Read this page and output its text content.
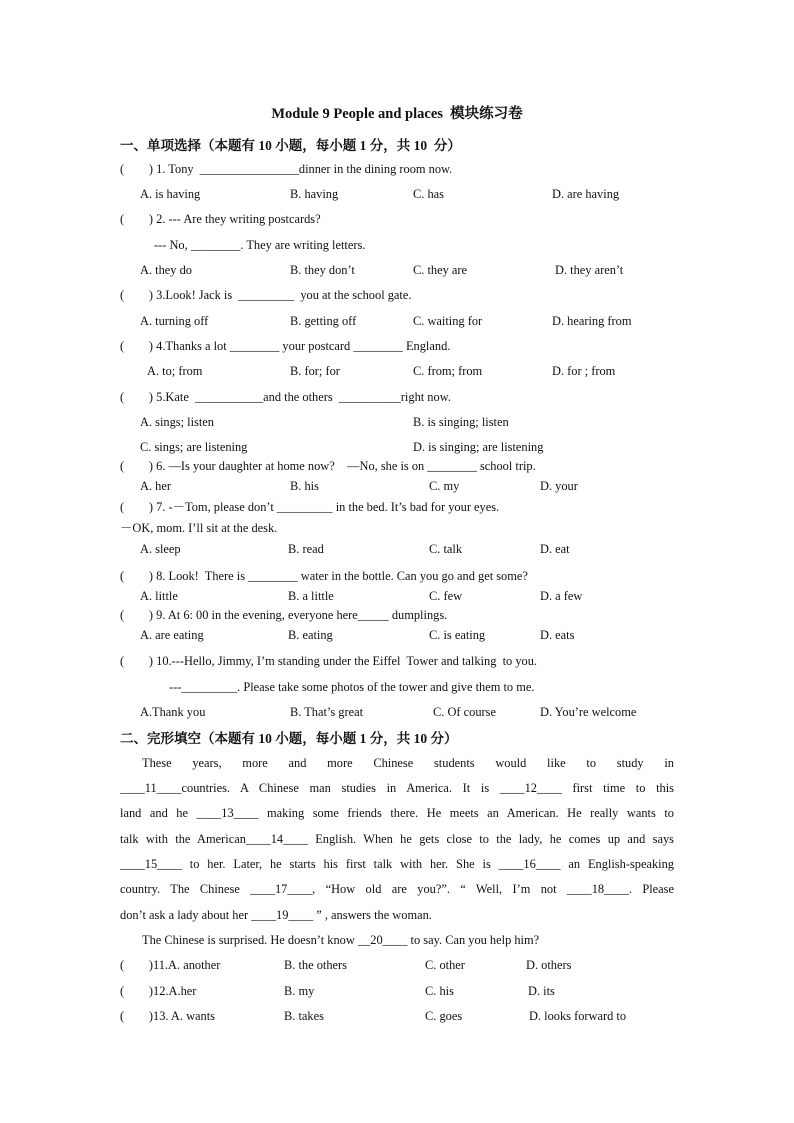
Module 9 People and places  模块练习卷
一、单项选择（本题有 10 小题，每小题 1 分，共 10  分）
(        ) 1. Tony  ________________dinner in the dining room now.
A. is having	B. having	C. has	D. are having
(        ) 2. --- Are they writing postcards?
--- No, ________. They are writing letters.
A. they do	B. they don’t	C. they are	D. they aren’t
(        ) 3.Look! Jack is  _________  you at the school gate.
A. turning off	B. getting off	C. waiting for	D. hearing from
(        ) 4.Thanks a lot ________ your postcard ________ England.
A. to; from	B. for; for	C. from; from	D. for ; from
(        ) 5.Kate  ___________and the others  __________right now.
A. sings; listen	B. is singing; listen
C. sings; are listening	D. is singing; are listening
(        ) 6. —Is your daughter at home now?    —No, she is on ________ school trip.
A. her	B. his	C. my	D. your
(        ) 7. -－Tom, please don’t _________ in the bed. It’s bad for your eyes.
－OK, mom. I’ll sit at the desk.
A. sleep	B. read	C. talk	D. eat
(        ) 8. Look!  There is ________ water in the bottle. Can you go and get some?
A. little	B. a little	C. few	D. a few
(        ) 9. At 6: 00 in the evening, everyone here_____ dumplings.
A. are eating	B. eating	C. is eating	D. eats
(        ) 10.---Hello, Jimmy, I’m standing under the Eiffel  Tower and talking  to you.
---_________. Please take some photos of the tower and give them to me.
A.Thank you	B. That’s great	C. Of course	D. You’re welcome
二、完形填空（本题有 10 小题，每小题 1 分，共 10 分）
These years, more and more Chinese students would like to study in
____11____countries. A Chinese man studies in America. It is ____12____ first time to this
land and he ____13____ making some friends there. He meets an American. He really wants to
talk with the American____14____ English. When he gets close to the lady, he comes up and says
____15____ to her. Later, he starts his first talk with her. She is ____16____ an English-speaking
country. The Chinese ____17____, “How old are you?”. “ Well, I’m not ____18____. Please
don’t ask a lady about her ____19____ ” , answers the woman.
The Chinese is surprised. He doesn’t know __20____ to say. Can you help him?
(        )11.A. another	B. the others	C. other	D. others
(        )12.A.her	B. my	C. his	D. its
(        )13. A. wants	B. takes	C. goes	D. looks forward to
